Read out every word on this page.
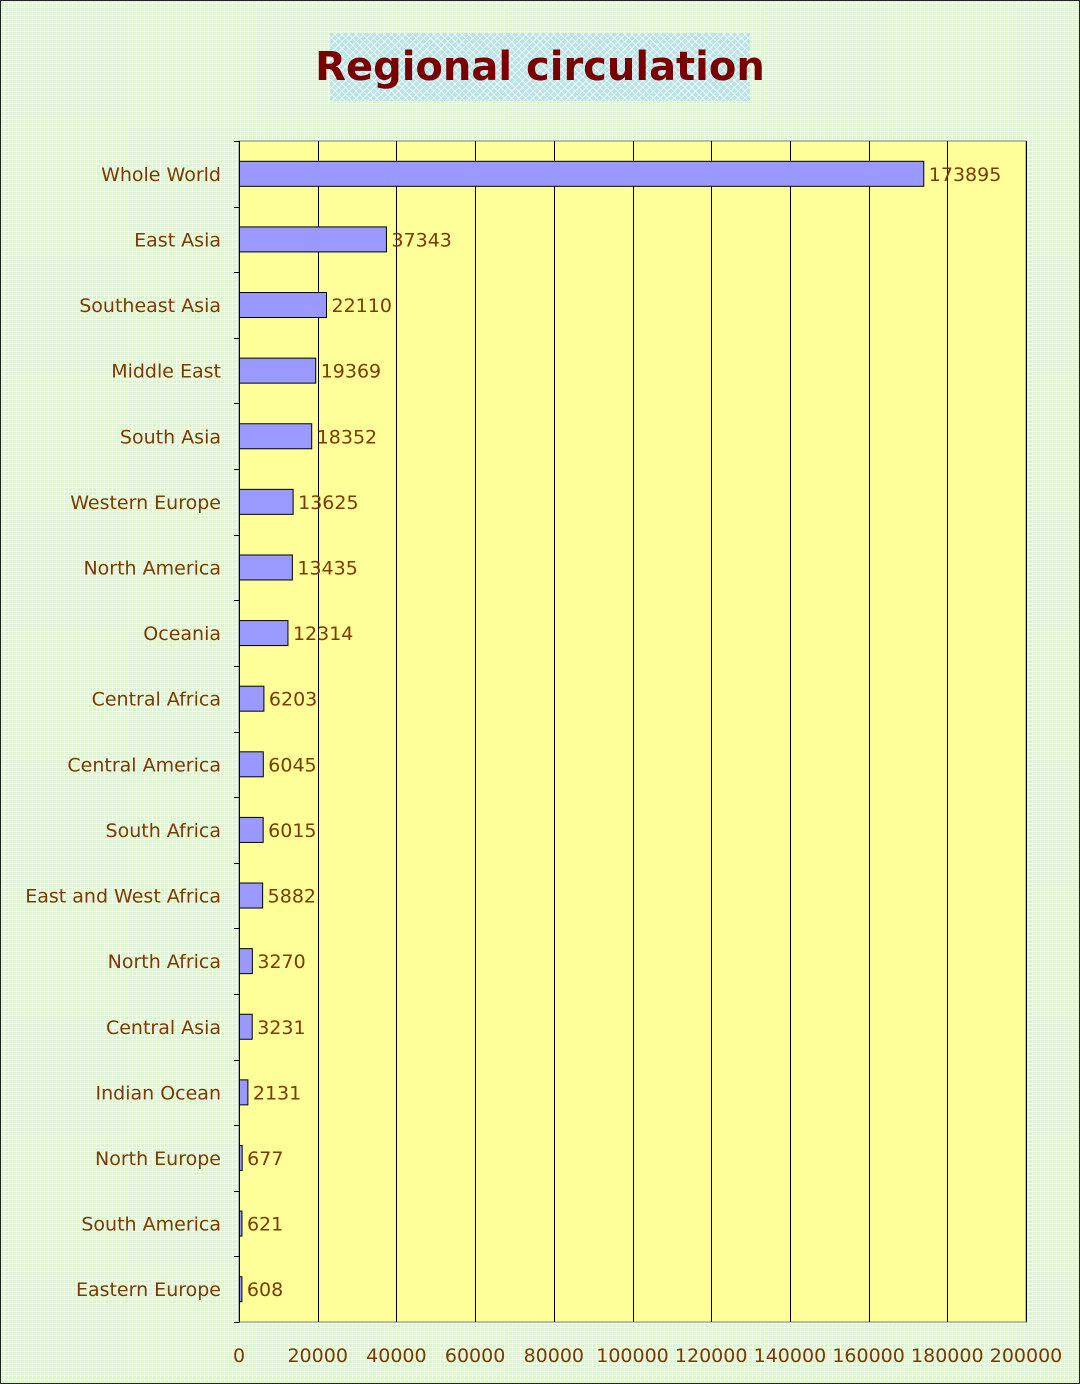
Regional circulation
Whole World	173895
East Asia	37343
Southeast Asia	22110
Middle East	19369
South Asia	18352
Western Europe	13625
North America	13435
Oceania	12314
Central Africa	6203
Central America 6045
South Africa 6015
East and West Africa 5882
North Africa 3270
Central Asia 3231
Indian Ocean 2131
North Europe 677
South America 621
Eastern Europe 608
0 20000 40000 60000 80000 100000 120000 140000 160000 180000 200000
